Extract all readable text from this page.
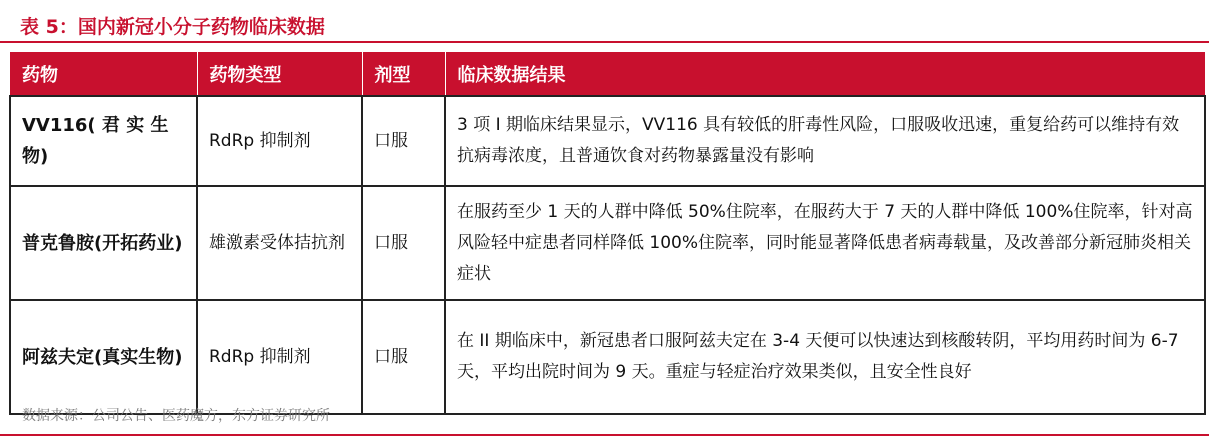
表 5：国内新冠小分子药物临床数据
药物	药物类型	剂型	临床数据结果
VV116( 君 实 生 物)	RdRp 抑制剂	口服	3 项 I 期临床结果显示，VV116 具有较低的肝毒性风险，口服吸收迅速，重复给药可以维持有效抗病毒浓度，且普通饮食对药物暴露量没有影响
普克鲁胺(开拓药业)	雄激素受体拮抗剂	口服	在服药至少 1 天的人群中降低 50%住院率，在服药大于 7 天的人群中降低 100%住院率，针对高风险轻中症患者同样降低 100%住院率，同时能显著降低患者病毒载量，及改善部分新冠肺炎相关症状
阿兹夫定(真实生物)	RdRp 抑制剂	口服	在 II 期临床中，新冠患者口服阿兹夫定在 3-4 天便可以快速达到核酸转阴，平均用药时间为 6-7 天，平均出院时间为 9 天。重症与轻症治疗效果类似，且安全性良好
数据来源：公司公告、医药魔方，东方证券研究所
